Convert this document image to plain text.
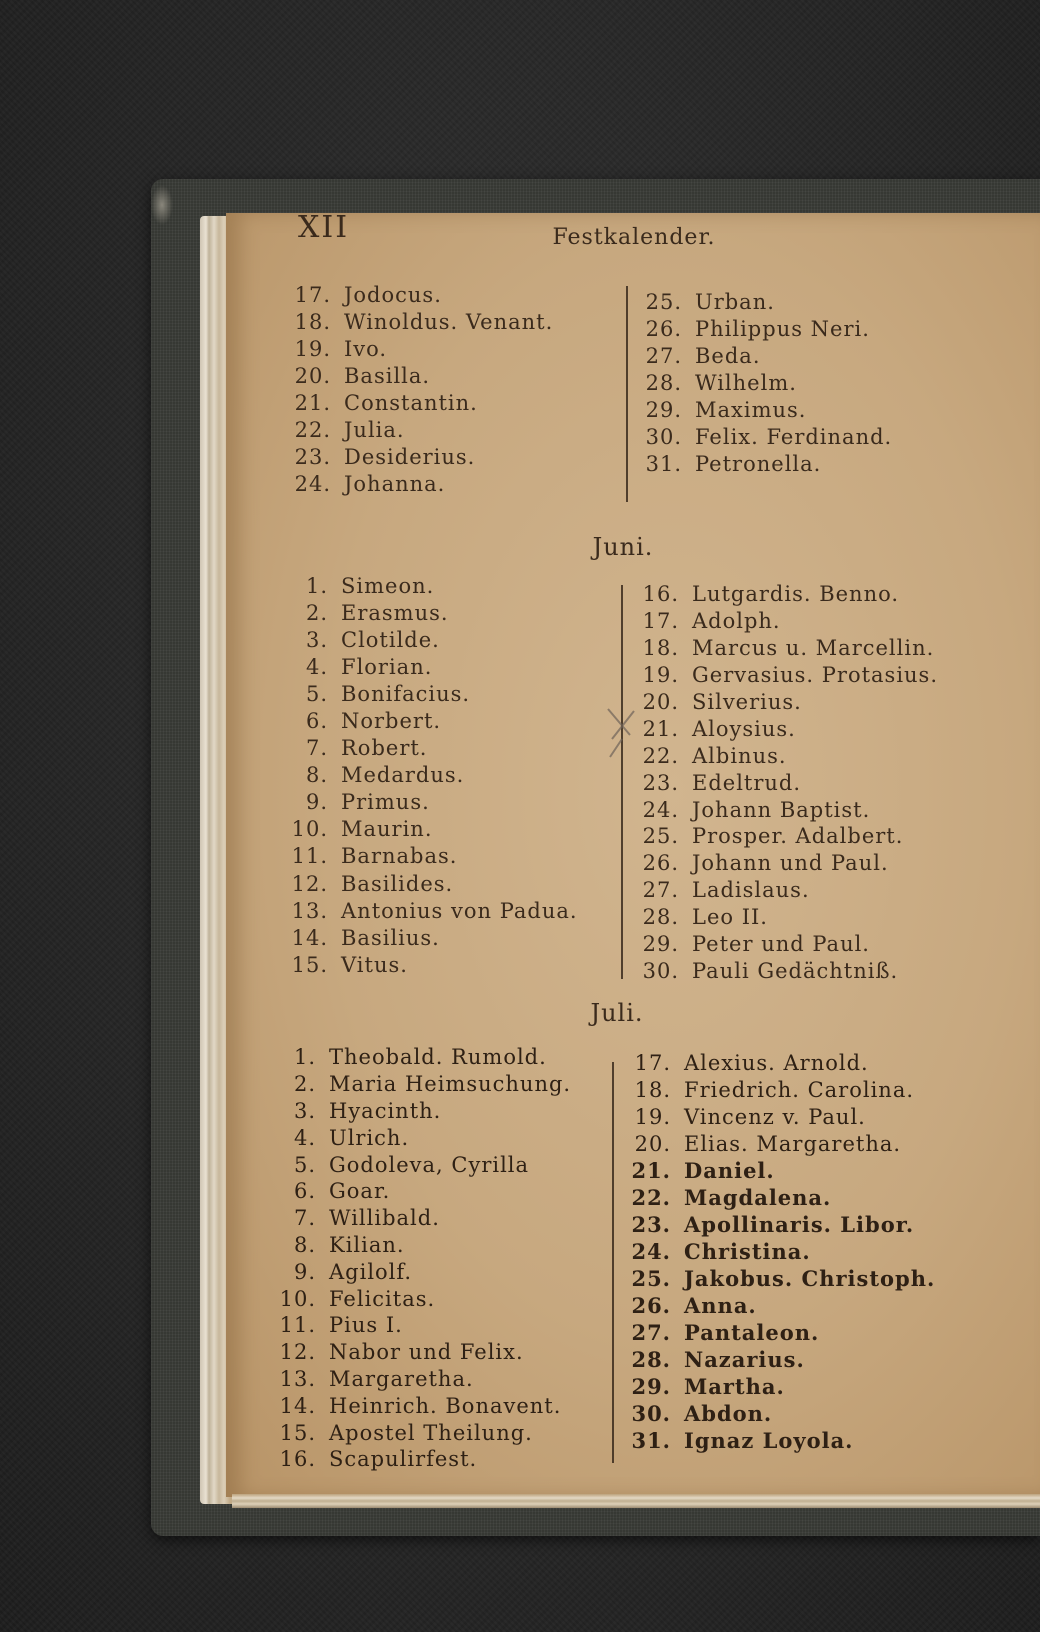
XII	Festkalender.
17. Jodocus.
18. Winoldus. Venant.
19. Ivo.
20. Basilla.
21. Constantin.
22. Julia.
23. Desiderius.
24. Johanna.
25. Urban.
26. Philippus Neri.
27. Beda.
28. Wilhelm.
29. Maximus.
30. Felix. Ferdinand.
31. Petronella.
Juni.
1. Simeon.
2. Erasmus.
3. Clotilde.
4. Florian.
5. Bonifacius.
6. Norbert.
7. Robert.
8. Medardus.
9. Primus.
10. Maurin.
11. Barnabas.
12. Basilides.
13. Antonius von Padua.
14. Basilius.
15. Vitus.
16. Lutgardis. Benno.
17. Adolph.
18. Marcus u. Marcellin.
19. Gervasius. Protasius.
20. Silverius.
21. Aloysius.
22. Albinus.
23. Edeltrud.
24. Johann Baptist.
25. Prosper. Adalbert.
26. Johann und Paul.
27. Ladislaus.
28. Leo II.
29. Peter und Paul.
30. Pauli Gedächtniß.
Juli.
1. Theobald. Rumold.
2. Maria Heimsuchung.
3. Hyacinth.
4. Ulrich.
5. Godoleva, Cyrilla
6. Goar.
7. Willibald.
8. Kilian.
9. Agilolf.
10. Felicitas.
11. Pius I.
12. Nabor und Felix.
13. Margaretha.
14. Heinrich. Bonavent.
15. Apostel Theilung.
16. Scapulirfest.
17. Alexius. Arnold.
18. Friedrich. Carolina.
19. Vincenz v. Paul.
20. Elias. Margaretha.
21. Daniel.
22. Magdalena.
23. Apollinaris. Libor.
24. Christina.
25. Jakobus. Christoph.
26. Anna.
27. Pantaleon.
28. Nazarius.
29. Martha.
30. Abdon.
31. Ignaz Loyola.
